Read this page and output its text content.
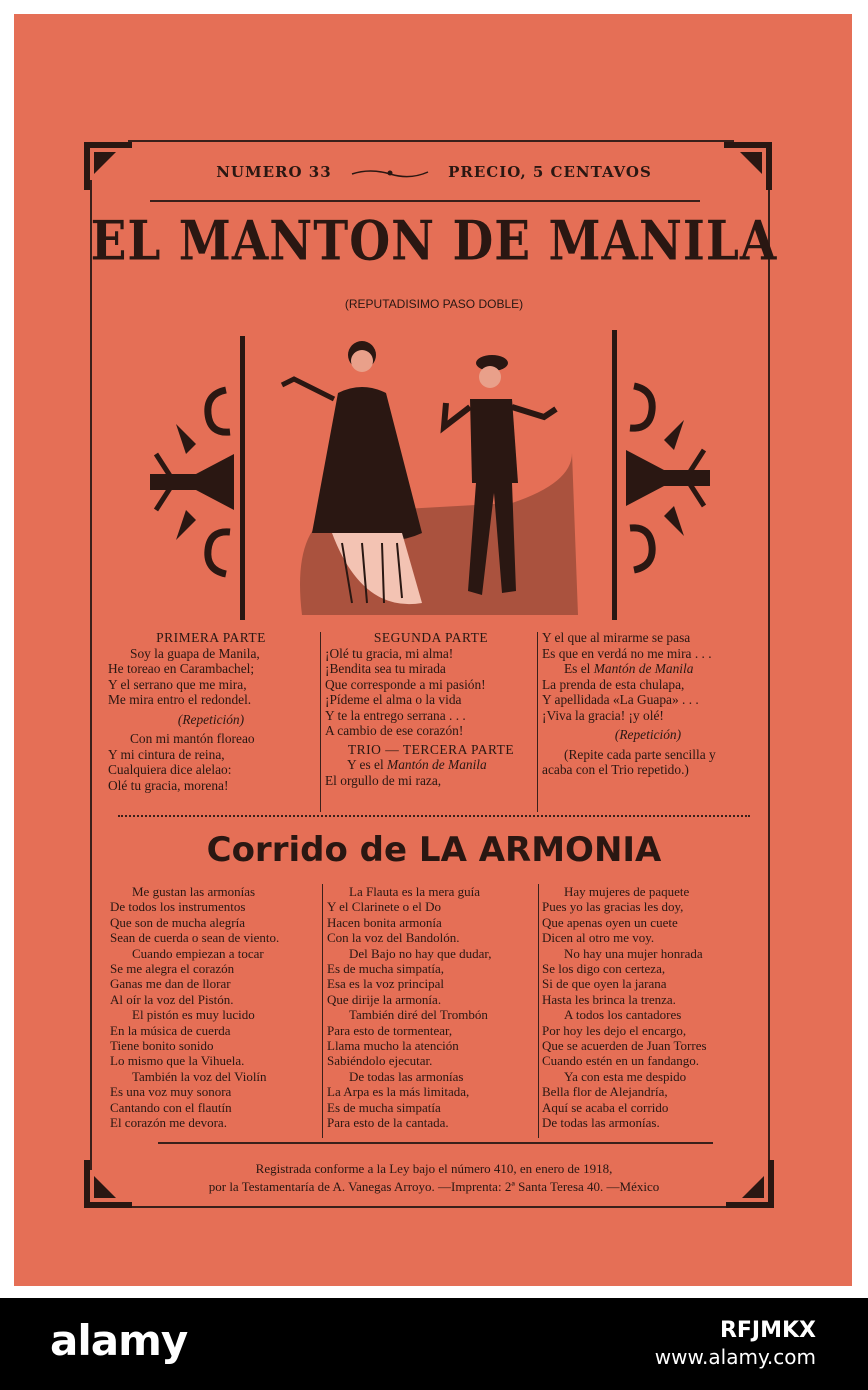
NUMERO 33	PRECIO, 5 CENTAVOS
EL MANTON DE MANILA
(REPUTADISIMO PASO DOBLE)
PRIMERA PARTE
Soy la guapa de Manila,
He toreao en Carambachel;
Y el serrano que me mira,
Me mira entro el redondel.
(Repetición)
Con mi mantón floreao
Y mi cintura de reina,
Cualquiera dice alelao:
Olé tu gracia, morena!
SEGUNDA PARTE
¡Olé tu gracia, mi alma!
¡Bendita sea tu mirada
Que corresponde a mi pasión!
¡Pídeme el alma o la vida
Y te la entrego serrana . . .
A cambio de ese corazón!
TRIO — TERCERA PARTE
Y es el Mantón de Manila
El orgullo de mi raza,
Y el que al mirarme se pasa
Es que en verdá no me mira . . .
Es el Mantón de Manila
La prenda de esta chulapa,
Y apellidada «La Guapa» . . .
¡Viva la gracia! ¡y olé!
(Repetición)
(Repite cada parte sencilla y
acaba con el Trio repetido.)
Corrido de LA ARMONIA
Me gustan las armonías
De todos los instrumentos
Que son de mucha alegría
Sean de cuerda o sean de viento.
Cuando empiezan a tocar
Se me alegra el corazón
Ganas me dan de llorar
Al oír la voz del Pistón.
El pistón es muy lucido
En la música de cuerda
Tiene bonito sonido
Lo mismo que la Vihuela.
También la voz del Violín
Es una voz muy sonora
Cantando con el flautín
El corazón me devora.
La Flauta es la mera guía
Y el Clarinete o el Do
Hacen bonita armonía
Con la voz del Bandolón.
Del Bajo no hay que dudar,
Es de mucha simpatía,
Esa es la voz principal
Que dirije la armonía.
También diré del Trombón
Para esto de tormentear,
Llama mucho la atención
Sabiéndolo ejecutar.
De todas las armonías
La Arpa es la más limitada,
Es de mucha simpatía
Para esto de la cantada.
Hay mujeres de paquete
Pues yo las gracias les doy,
Que apenas oyen un cuete
Dicen al otro me voy.
No hay una mujer honrada
Se los digo con certeza,
Si de que oyen la jarana
Hasta les brinca la trenza.
A todos los cantadores
Por hoy les dejo el encargo,
Que se acuerden de Juan Torres
Cuando estén en un fandango.
Ya con esta me despido
Bella flor de Alejandría,
Aquí se acaba el corrido
De todas las armonías.
Registrada conforme a la Ley bajo el número 410, en enero de 1918,
por la Testamentaría de A. Vanegas Arroyo. —Imprenta: 2ª Santa Teresa 40. —México
alamy	RFJMKX
www.alamy.com
